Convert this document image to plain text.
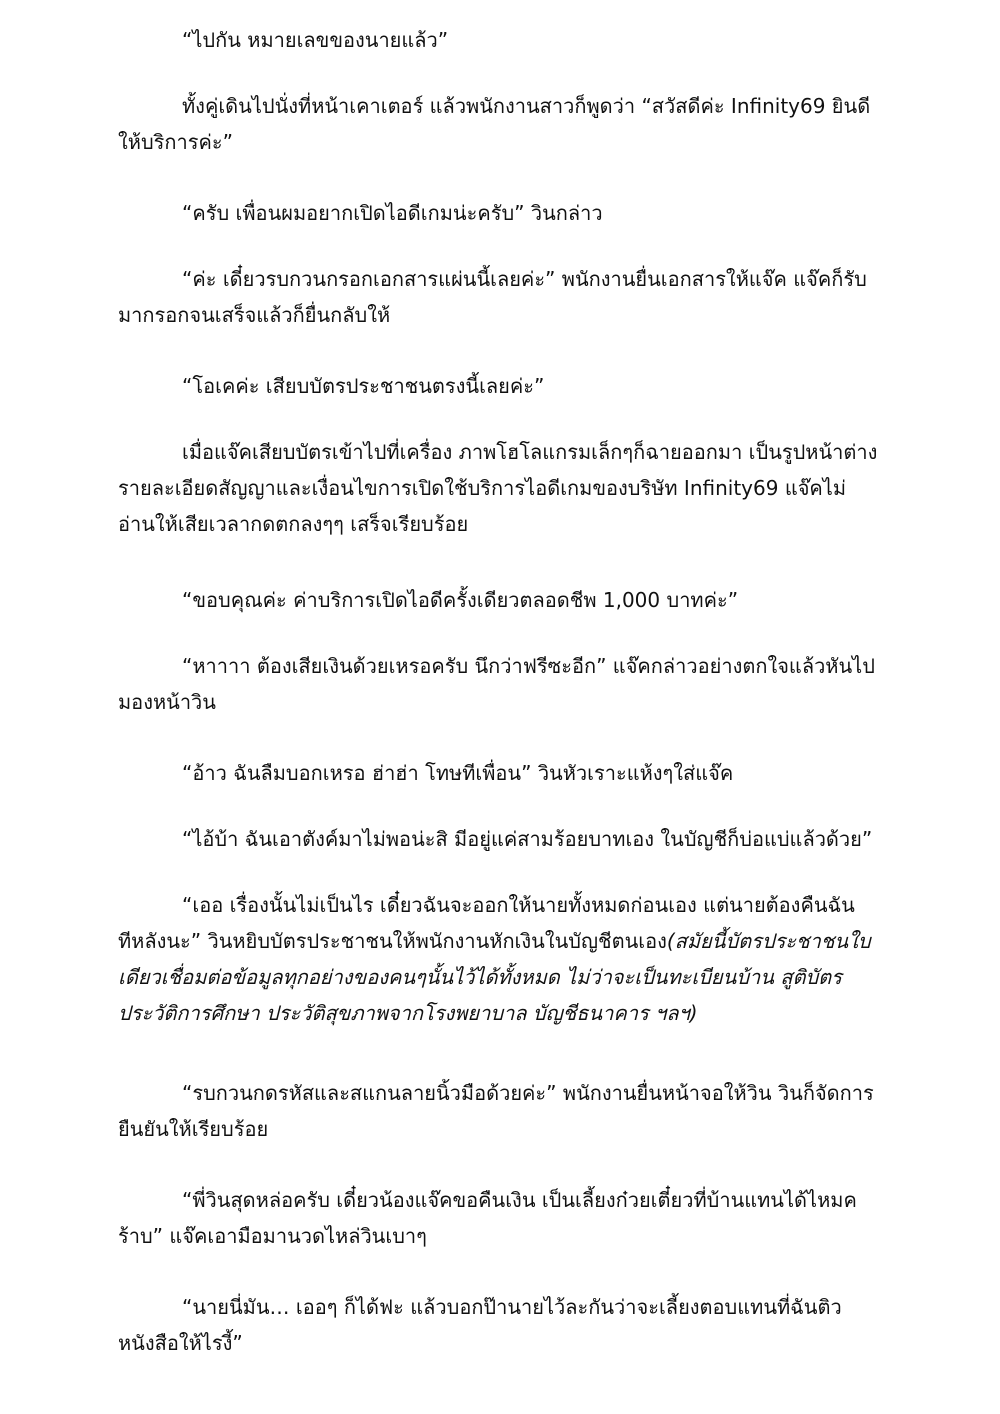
“ไปกัน หมายเลขของนายแล้ว”

ทั้งคู่เดินไปนั่งที่หน้าเคาเตอร์ แล้วพนักงานสาวก็พูดว่า “สวัสดีค่ะ Infinity69 ยินดีให้บริการค่ะ”

“ครับ เพื่อนผมอยากเปิดไอดีเกมน่ะครับ” วินกล่าว

“ค่ะ เดี๋ยวรบกวนกรอกเอกสารแผ่นนี้เลยค่ะ” พนักงานยื่นเอกสารให้แจ๊ค แจ๊คก็รับมากรอกจนเสร็จแล้วก็ยื่นกลับให้

“โอเคค่ะ เสียบบัตรประชาชนตรงนี้เลยค่ะ”

เมื่อแจ๊คเสียบบัตรเข้าไปที่เครื่อง ภาพโฮโลแกรมเล็กๆก็ฉายออกมา เป็นรูปหน้าต่างรายละเอียดสัญญาและเงื่อนไขการเปิดใช้บริการไอดีเกมของบริษัท Infinity69 แจ๊คไม่อ่านให้เสียเวลากดตกลงๆๆ เสร็จเรียบร้อย

“ขอบคุณค่ะ ค่าบริการเปิดไอดีครั้งเดียวตลอดชีพ 1,000 บาทค่ะ”

“หาาาา ต้องเสียเงินด้วยเหรอครับ นึกว่าฟรีซะอีก” แจ๊คกล่าวอย่างตกใจแล้วหันไปมองหน้าวิน

“อ้าว ฉันลืมบอกเหรอ ฮ่าฮ่า โทษทีเพื่อน” วินหัวเราะแห้งๆใส่แจ๊ค

“ไอ้บ้า ฉันเอาตังค์มาไม่พอน่ะสิ มีอยู่แค่สามร้อยบาทเอง ในบัญชีก็บ่อแบ่แล้วด้วย”

“เออ เรื่องนั้นไม่เป็นไร เดี๋ยวฉันจะออกให้นายทั้งหมดก่อนเอง แต่นายต้องคืนฉันทีหลังนะ” วินหยิบบัตรประชาชนให้พนักงานหักเงินในบัญชีตนเอง(สมัยนี้บัตรประชาชนใบเดียวเชื่อมต่อข้อมูลทุกอย่างของคนๆนั้นไว้ได้ทั้งหมด ไม่ว่าจะเป็นทะเบียนบ้าน สูติบัตร ประวัติการศึกษา ประวัติสุขภาพจากโรงพยาบาล บัญชีธนาคาร ฯลฯ)

“รบกวนกดรหัสและสแกนลายนิ้วมือด้วยค่ะ” พนักงานยื่นหน้าจอให้วิน วินก็จัดการยืนยันให้เรียบร้อย

“พี่วินสุดหล่อครับ เดี๋ยวน้องแจ๊คขอคืนเงิน เป็นเลี้ยงก๋วยเตี๋ยวที่บ้านแทนได้ไหมคร้าบ” แจ๊คเอามือมานวดไหล่วินเบาๆ

“นายนี่มัน… เออๆ ก็ได้ฟะ แล้วบอกป๊านายไว้ละกันว่าจะเลี้ยงตอบแทนที่ฉันติวหนังสือให้ไรงี้”
